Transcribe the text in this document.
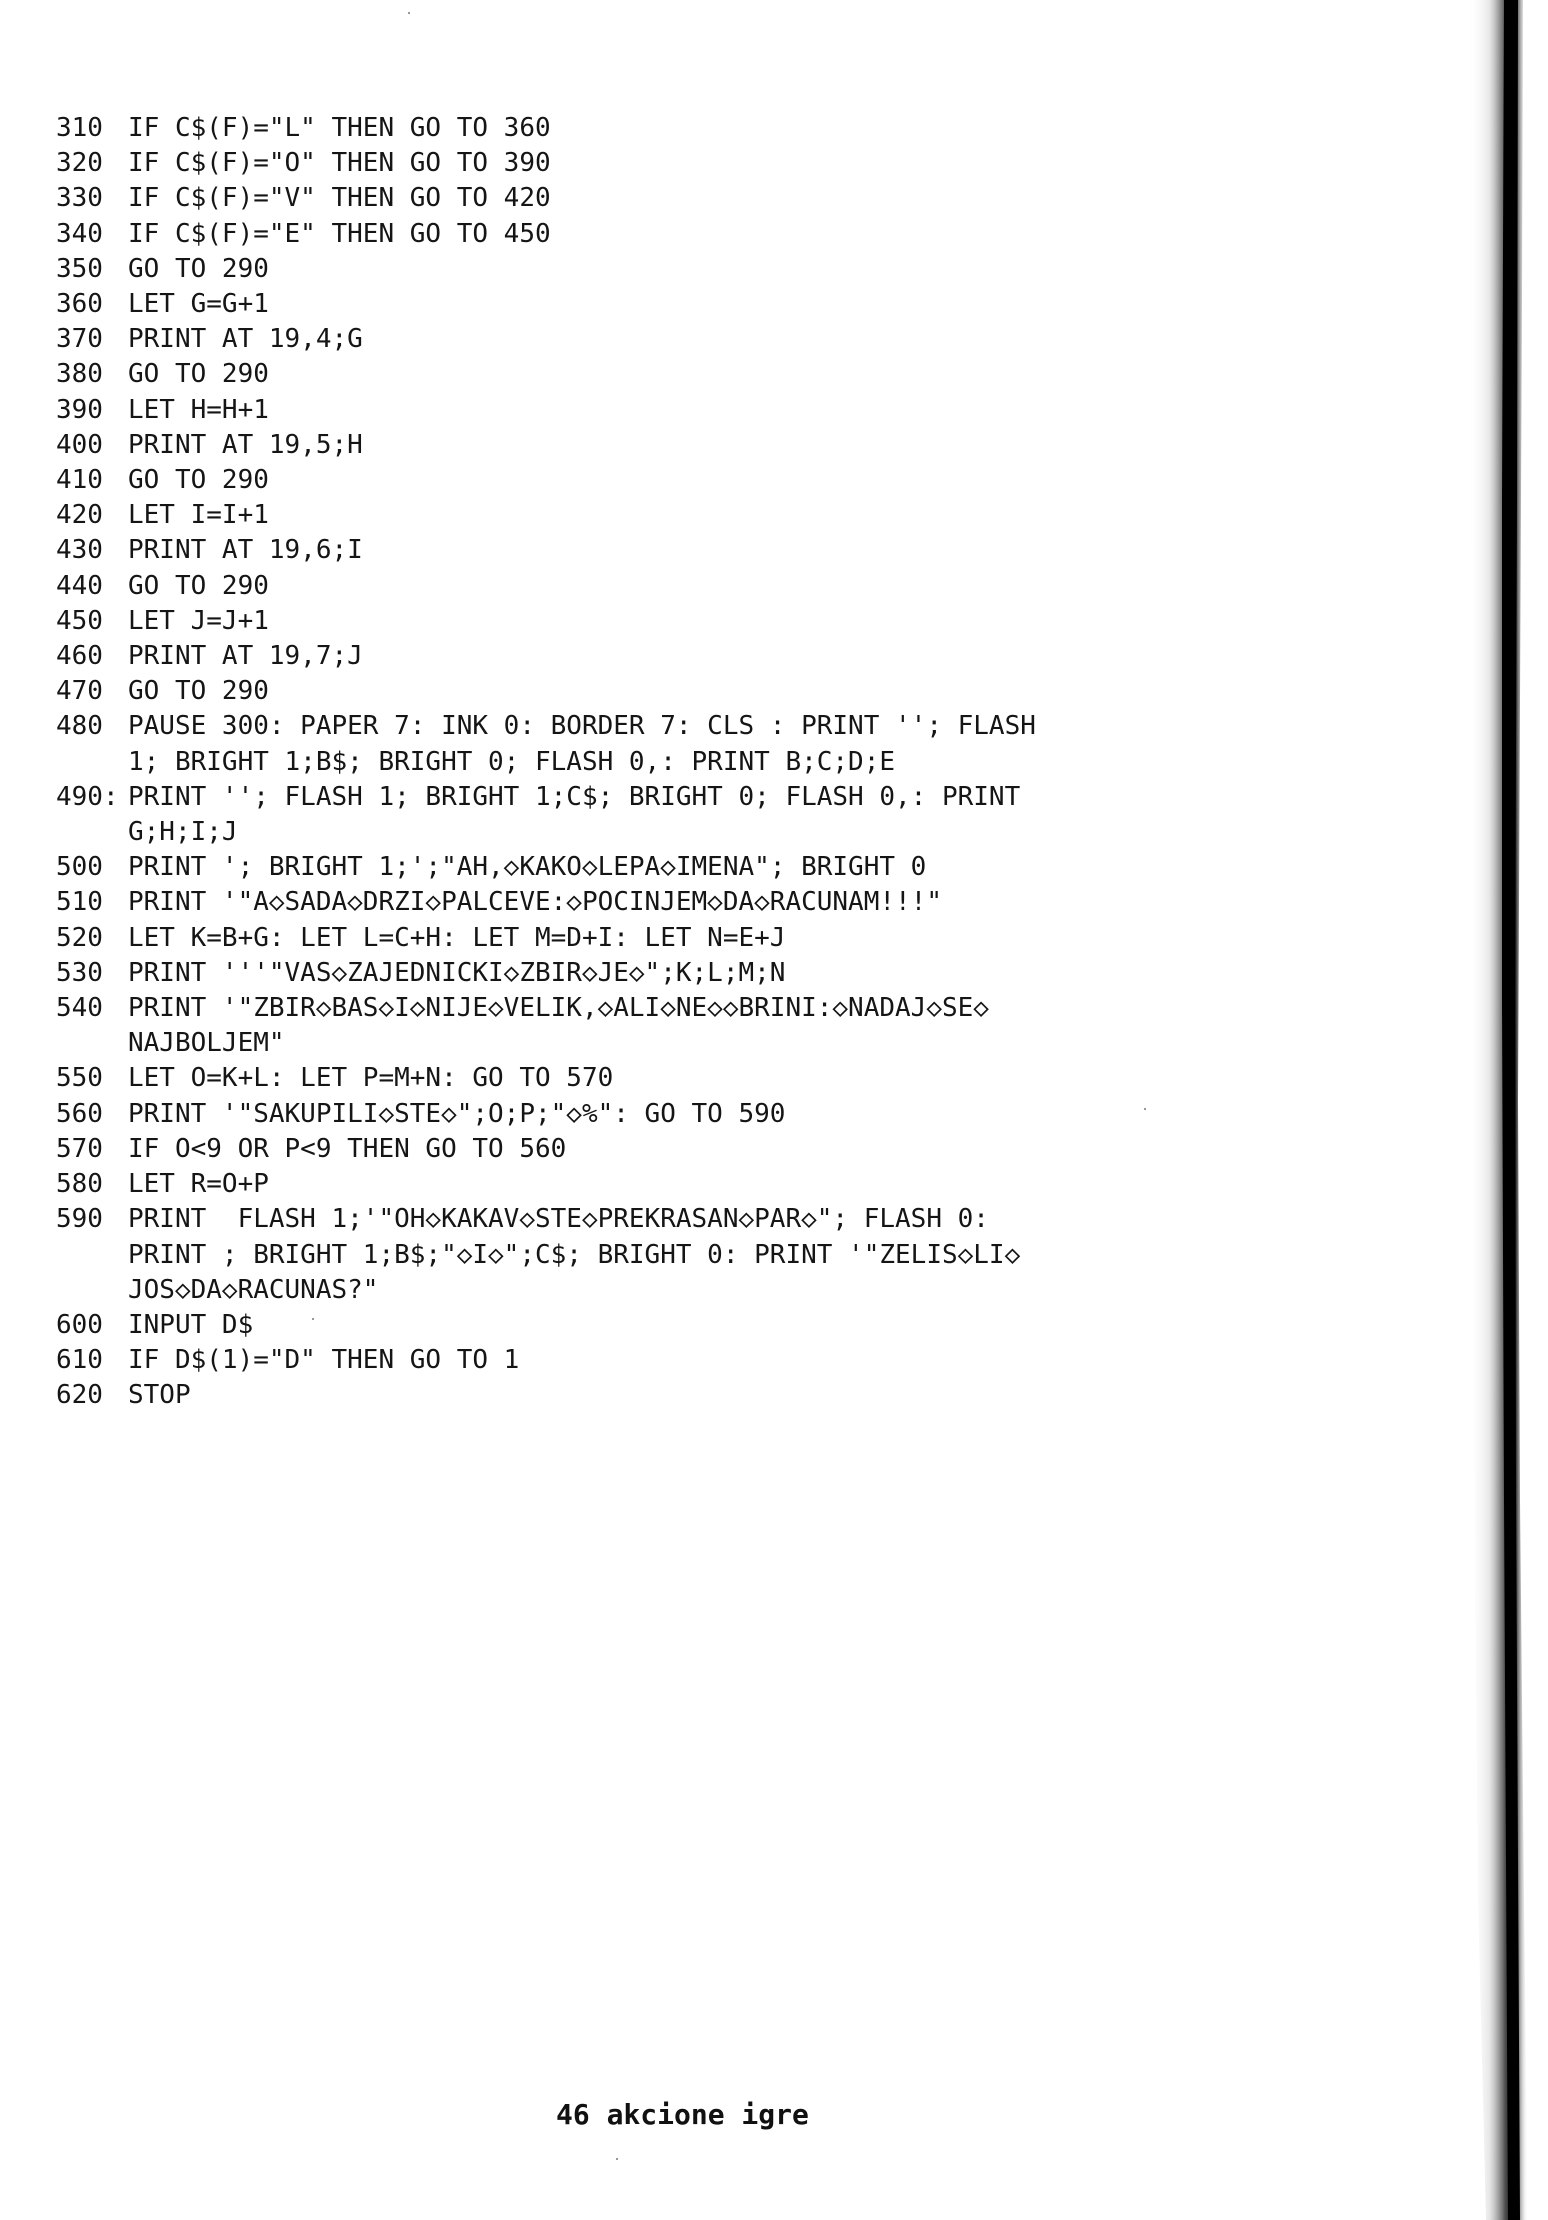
310 IF C$(F)="L" THEN GO TO 360
320 IF C$(F)="O" THEN GO TO 390
330 IF C$(F)="V" THEN GO TO 420
340 IF C$(F)="E" THEN GO TO 450
350 GO TO 290
360 LET G=G+1
370 PRINT AT 19,4;G
380 GO TO 290
390 LET H=H+1
400 PRINT AT 19,5;H
410 GO TO 290
420 LET I=I+1
430 PRINT AT 19,6;I
440 GO TO 290
450 LET J=J+1
460 PRINT AT 19,7;J
470 GO TO 290
480 PAUSE 300: PAPER 7: INK 0: BORDER 7: CLS : PRINT ''; FLASH
1; BRIGHT 1;B$; BRIGHT 0; FLASH 0,: PRINT B;C;D;E
490: PRINT ''; FLASH 1; BRIGHT 1;C$; BRIGHT 0; FLASH 0,: PRINT
G;H;I;J
500 PRINT '; BRIGHT 1;';"AH,◇KAKO◇LEPA◇IMENA"; BRIGHT 0
510 PRINT '"A◇SADA◇DRZI◇PALCEVE:◇POCINJEM◇DA◇RACUNAM!!!"
520 LET K=B+G: LET L=C+H: LET M=D+I: LET N=E+J
530 PRINT '''"VAS◇ZAJEDNICKI◇ZBIR◇JE◇";K;L;M;N
540 PRINT '"ZBIR◇BAS◇I◇NIJE◇VELIK,◇ALI◇NE◇◇BRINI:◇NADAJ◇SE◇
NAJBOLJEM"
550 LET O=K+L: LET P=M+N: GO TO 570
560 PRINT '"SAKUPILI◇STE◇";O;P;"◇%": GO TO 590
570 IF O<9 OR P<9 THEN GO TO 560
580 LET R=O+P
590 PRINT  FLASH 1;'"OH◇KAKAV◇STE◇PREKRASAN◇PAR◇"; FLASH 0:
PRINT ; BRIGHT 1;B$;"◇I◇";C$; BRIGHT 0: PRINT '"ZELIS◇LI◇
JOS◇DA◇RACUNAS?"
600 INPUT D$
610 IF D$(1)="D" THEN GO TO 1
620 STOP
46 akcione igre
